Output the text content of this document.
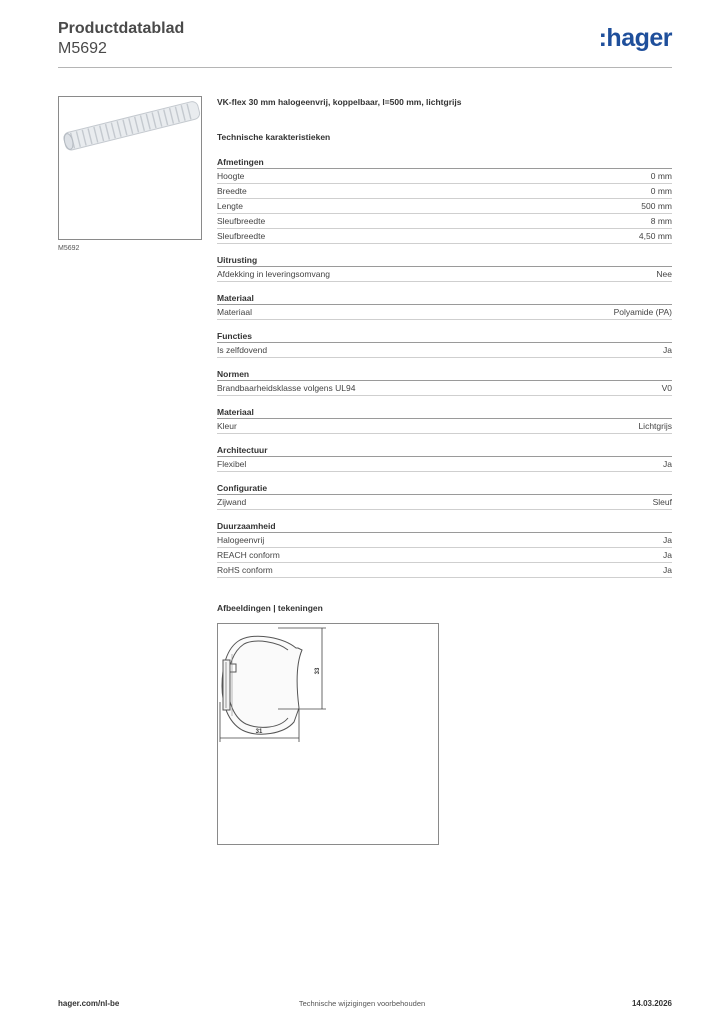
Productdatablad
M5692	:hager
M5692
VK-flex 30 mm halogeenvrij, koppelbaar, l=500 mm, lichtgrijs
Technische karakteristieken
Afmetingen
Hoogte	0 mm
Breedte	0 mm
Lengte	500 mm
Sleufbreedte	8 mm
Sleufbreedte	4,50 mm
Uitrusting
Afdekking in leveringsomvang	Nee
Materiaal
Materiaal	Polyamide (PA)
Functies
Is zelfdovend	Ja
Normen
Brandbaarheidsklasse volgens UL94	V0
Materiaal
Kleur	Lichtgrijs
Architectuur
Flexibel	Ja
Configuratie
Zijwand	Sleuf
Duurzaamheid
Halogeenvrij	Ja
REACH conform	Ja
RoHS conform	Ja
Afbeeldingen | tekeningen
33
31
hager.com/nl-be	Technische wijzigingen voorbehouden	14.03.2026
